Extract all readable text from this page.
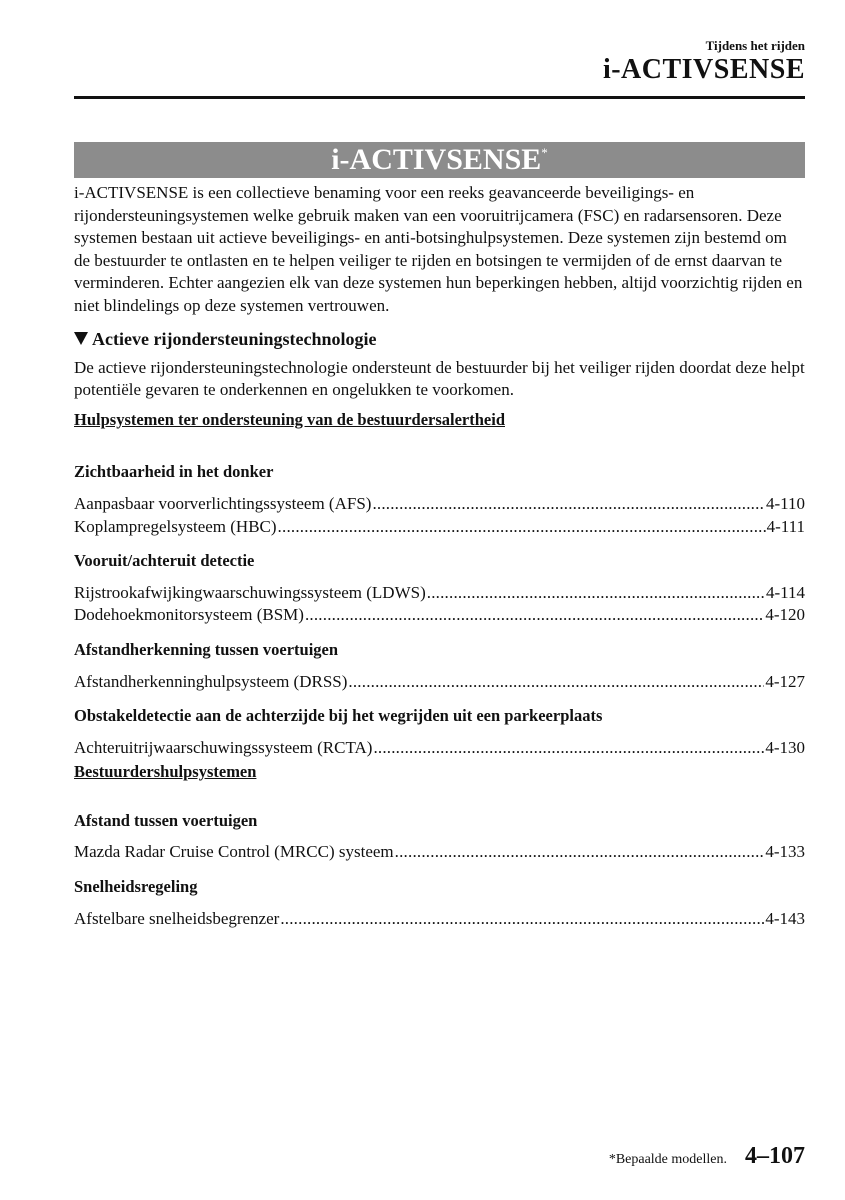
Tijdens het rijden
i-ACTIVSENSE
i-ACTIVSENSE*

i-ACTIVSENSE is een collectieve benaming voor een reeks geavanceerde beveiligings- en rijondersteuningsystemen welke gebruik maken van een vooruitrijcamera (FSC) en radarsensoren. Deze systemen bestaan uit actieve beveiligings- en anti-botsinghulpsystemen. Deze systemen zijn bestemd om de bestuurder te ontlasten en te helpen veiliger te rijden en botsingen te vermijden of de ernst daarvan te verminderen. Echter aangezien elk van deze systemen hun beperkingen hebben, altijd voorzichtig rijden en niet blindelings op deze systemen vertrouwen.

Actieve rijondersteuningstechnologie

De actieve rijondersteuningstechnologie ondersteunt de bestuurder bij het veiliger rijden doordat deze helpt potentiële gevaren te onderkennen en ongelukken te voorkomen.

Hulpsystemen ter ondersteuning van de bestuurdersalertheid
Zichtbaarheid in het donker
Aanpasbaar voorverlichtingssysteem (AFS) .....	4-110
Koplampregelsysteem (HBC) .....	4-111
Vooruit/achteruit detectie
Rijstrookafwijkingwaarschuwingssysteem (LDWS) .....	4-114
Dodehoekmonitorsysteem (BSM) .....	4-120
Afstandherkenning tussen voertuigen
Afstandherkenninghulpsysteem (DRSS) .....	4-127
Obstakeldetectie aan de achterzijde bij het wegrijden uit een parkeerplaats
Achteruitrijwaarschuwingssysteem (RCTA) .....	4-130
Bestuurdershulpsystemen
Afstand tussen voertuigen
Mazda Radar Cruise Control (MRCC) systeem .....	4-133
Snelheidsregeling
Afstelbare snelheidsbegrenzer .....	4-143
*Bepaalde modellen. 4–107
